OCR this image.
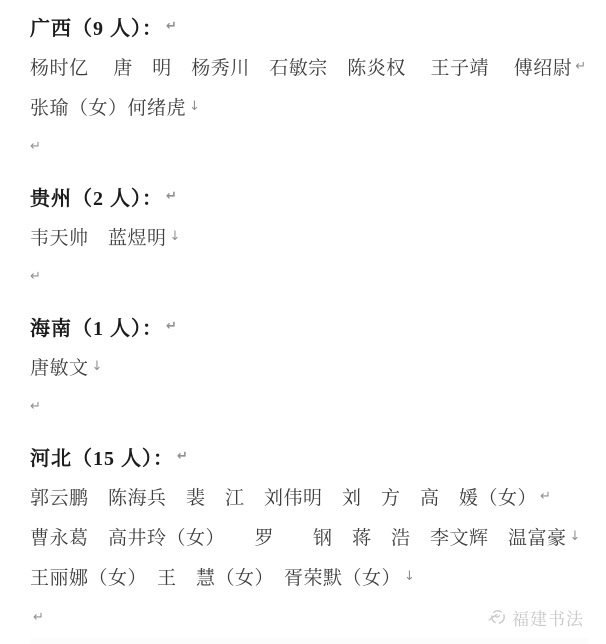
广西（9 人）： ↵
杨时亿　 唐　明　杨秀川　石敏宗　陈炎权　 王子靖　 傅绍尉 ↵
张瑜（女）何绪虎 ↓
↵
贵州（2 人）： ↵
韦天帅　蓝煜明 ↓
↵
海南（1 人）： ↵
唐敏文 ↓
↵
河北（15 人）： ↵
郭云鹏　陈海兵　裴　江　刘伟明　刘　方　高　媛（女） ↵
曹永葛　高井玲（女）　　罗　　钢　蒋　浩　李文辉　温富豪 ↓
王丽娜（女）　王　慧（女）　胥荣默（女） ↓
↵	福建书法
